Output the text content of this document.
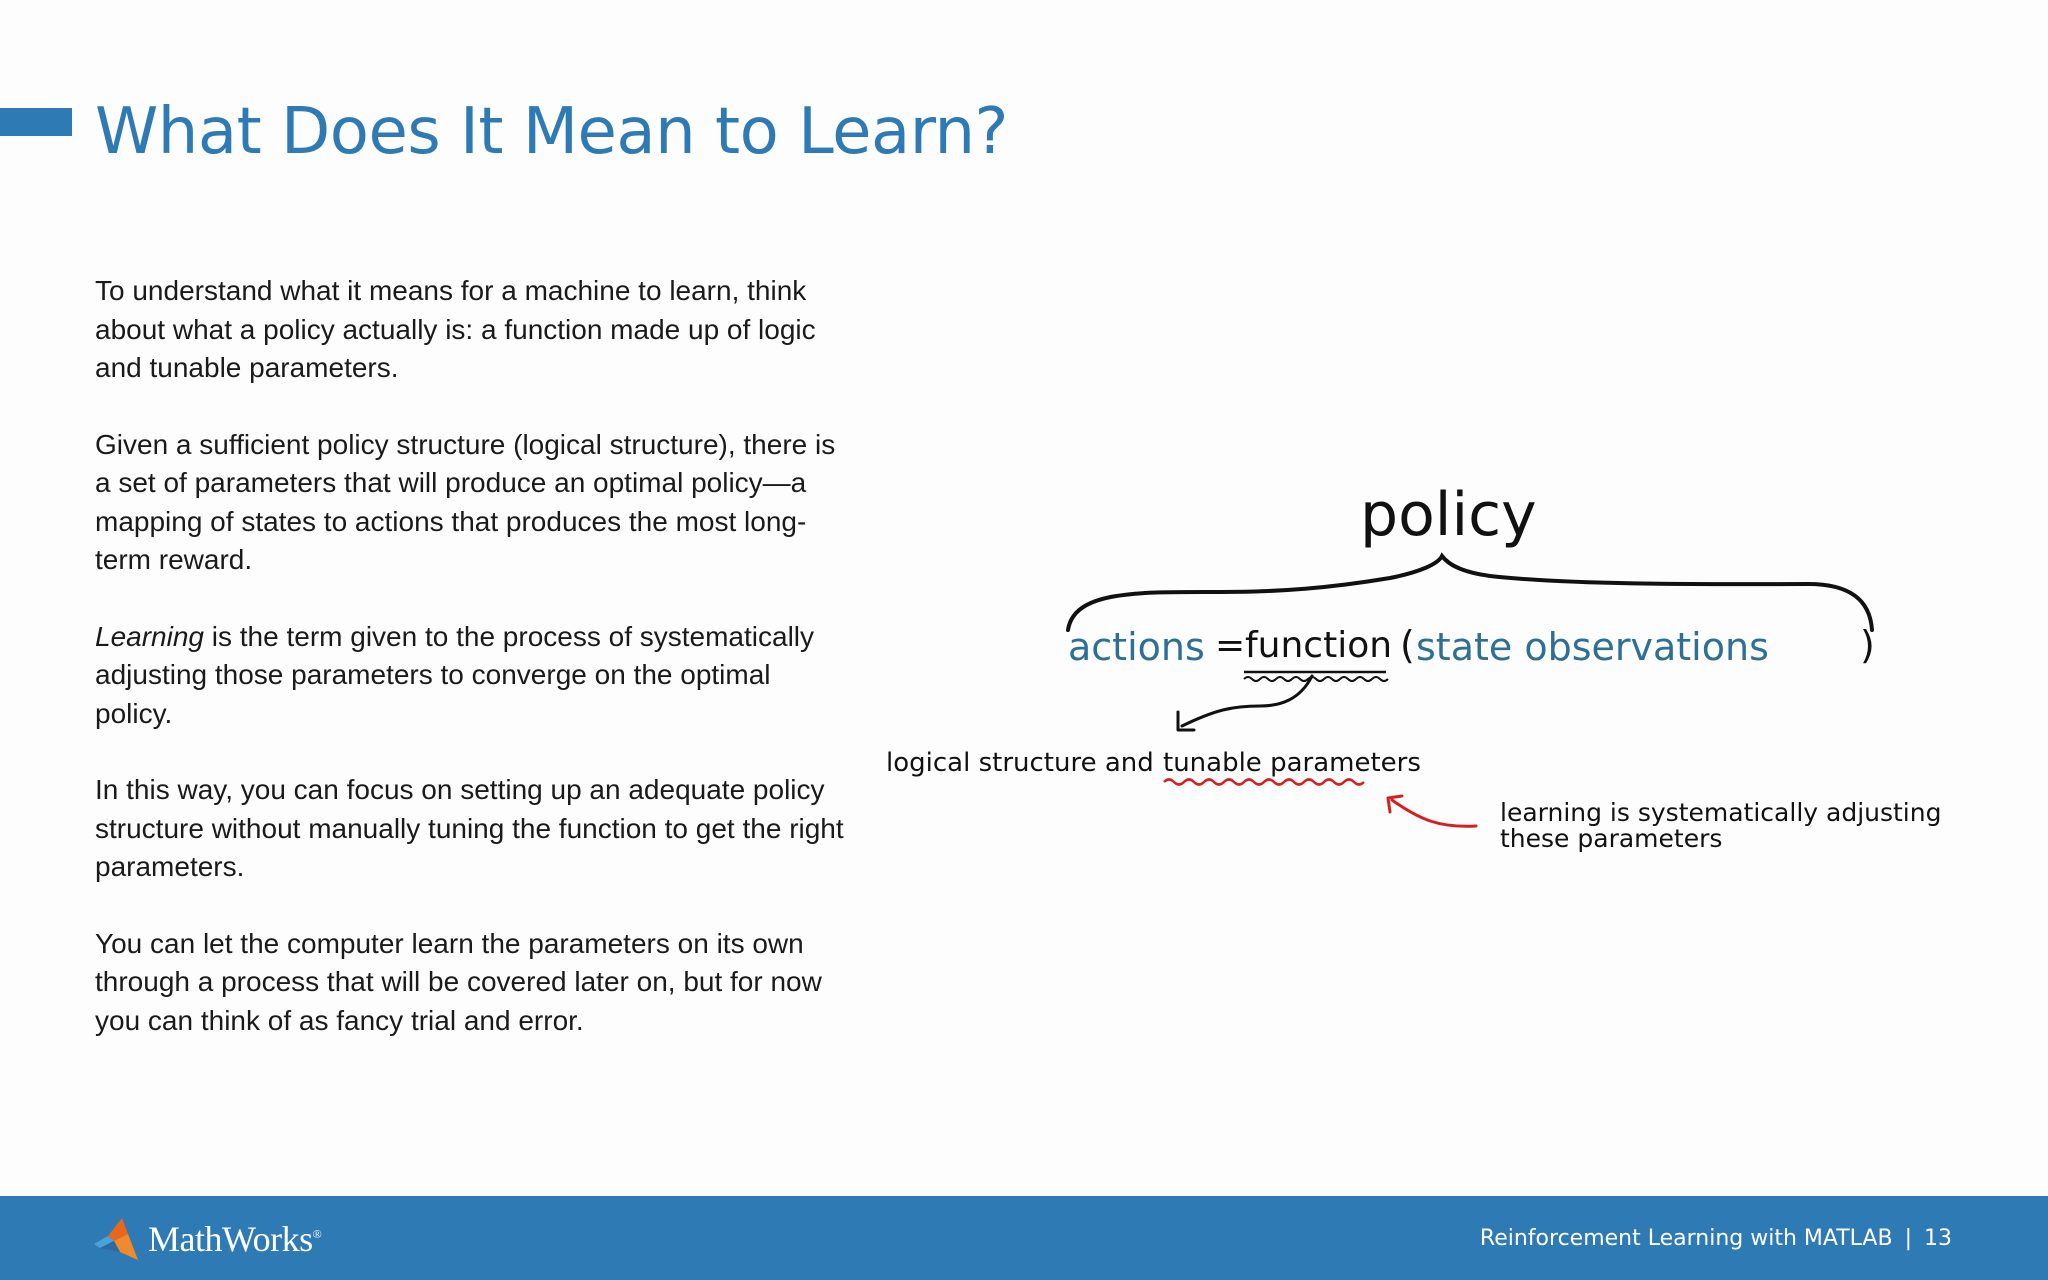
What Does It Mean to Learn?

To understand what it means for a machine to learn, think about what a policy actually is: a function made up of logic and tunable parameters.

Given a sufficient policy structure (logical structure), there is a set of parameters that will produce an optimal policy—a mapping of states to actions that produces the most long-term reward.

Learning is the term given to the process of systematically adjusting those parameters to converge on the optimal policy.

In this way, you can focus on setting up an adequate policy structure without manually tuning the function to get the right parameters.

You can let the computer learn the parameters on its own through a process that will be covered later on, but for now you can think of as fancy trial and error.

policy
actions = function ( state observations )
logical structure and tunable parameters
learning is systematically adjusting
these parameters
MathWorks®	Reinforcement Learning with MATLAB | 13
